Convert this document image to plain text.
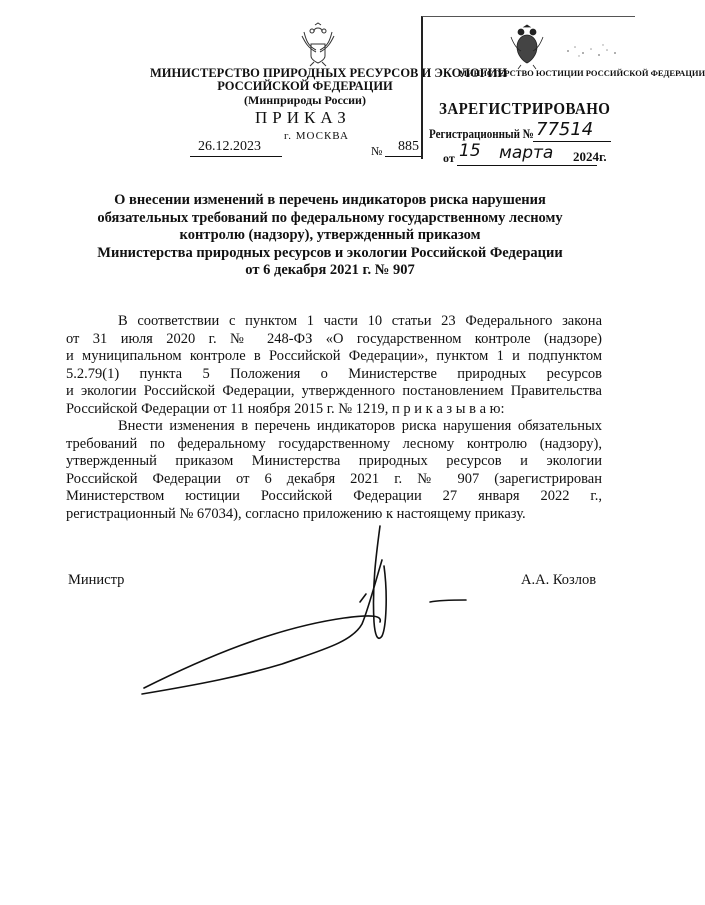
МИНИСТЕРСТВО ПРИРОДНЫХ РЕСУРСОВ И ЭКОЛОГИИ
РОССИЙСКОЙ ФЕДЕРАЦИИ
(Минприроды России)
ПРИКАЗ
г. МОСКВА
26.12.2023	№ 885
МИНИСТЕРСТВО ЮСТИЦИИ РОССИЙСКОЙ ФЕДЕРАЦИИ
ЗАРЕГИСТРИРОВАНО
Регистрационный № 77514
от 15 марта 2024г.
О внесении изменений в перечень индикаторов риска нарушения
обязательных требований по федеральному государственному лесному
контролю (надзору), утвержденный приказом
Министерства природных ресурсов и экологии Российской Федерации
от 6 декабря 2021 г. № 907
В соответствии с пунктом 1 части 10 статьи 23 Федерального закона
от 31 июля 2020 г. № 248-ФЗ «О государственном контроле (надзоре)
и муниципальном контроле в Российской Федерации», пунктом 1 и подпунктом
5.2.79(1) пункта 5 Положения о Министерстве природных ресурсов
и экологии Российской Федерации, утвержденного постановлением Правительства
Российской Федерации от 11 ноября 2015 г. № 1219, п р и к а з ы в а ю:
Внести изменения в перечень индикаторов риска нарушения обязательных
требований по федеральному государственному лесному контролю (надзору),
утвержденный приказом Министерства природных ресурсов и экологии
Российской Федерации от 6 декабря 2021 г. № 907 (зарегистрирован
Министерством юстиции Российской Федерации 27 января 2022 г.,
регистрационный № 67034), согласно приложению к настоящему приказу.
Министр	А.А. Козлов
